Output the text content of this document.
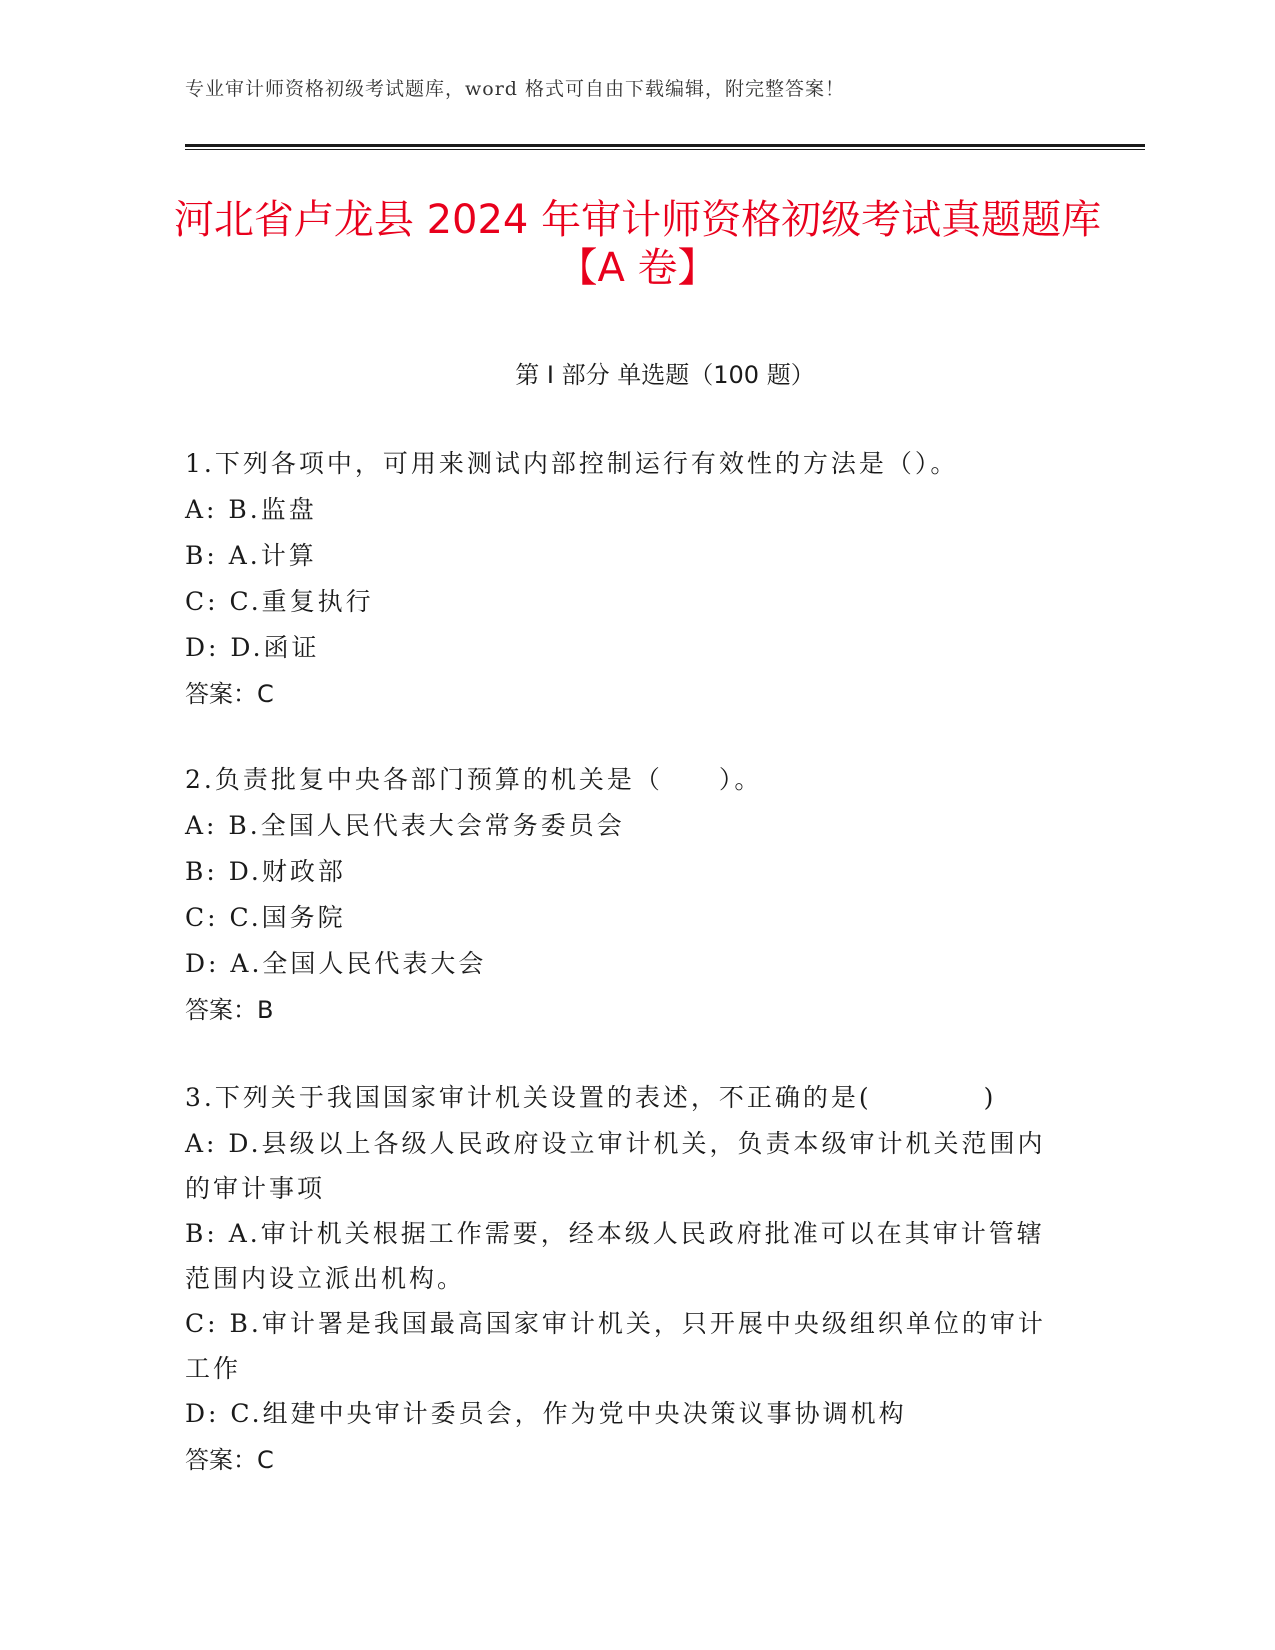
专业审计师资格初级考试题库，word 格式可自由下载编辑，附完整答案！
河北省卢龙县 2024 年审计师资格初级考试真题题库【A 卷】
第 I 部分 单选题（100 题）
1.下列各项中，可用来测试内部控制运行有效性的方法是（）。
A: B.监盘
B: A.计算
C: C.重复执行
D: D.函证
答案：C
2.负责批复中央各部门预算的机关是（　　）。
A: B.全国人民代表大会常务委员会
B: D.财政部
C: C.国务院
D: A.全国人民代表大会
答案：B
3.下列关于我国国家审计机关设置的表述，不正确的是(　　　　)
A: D.县级以上各级人民政府设立审计机关，负责本级审计机关范围内的审计事项
B: A.审计机关根据工作需要，经本级人民政府批准可以在其审计管辖范围内设立派出机构。
C: B.审计署是我国最高国家审计机关，只开展中央级组织单位的审计工作
D: C.组建中央审计委员会，作为党中央决策议事协调机构
答案：C
